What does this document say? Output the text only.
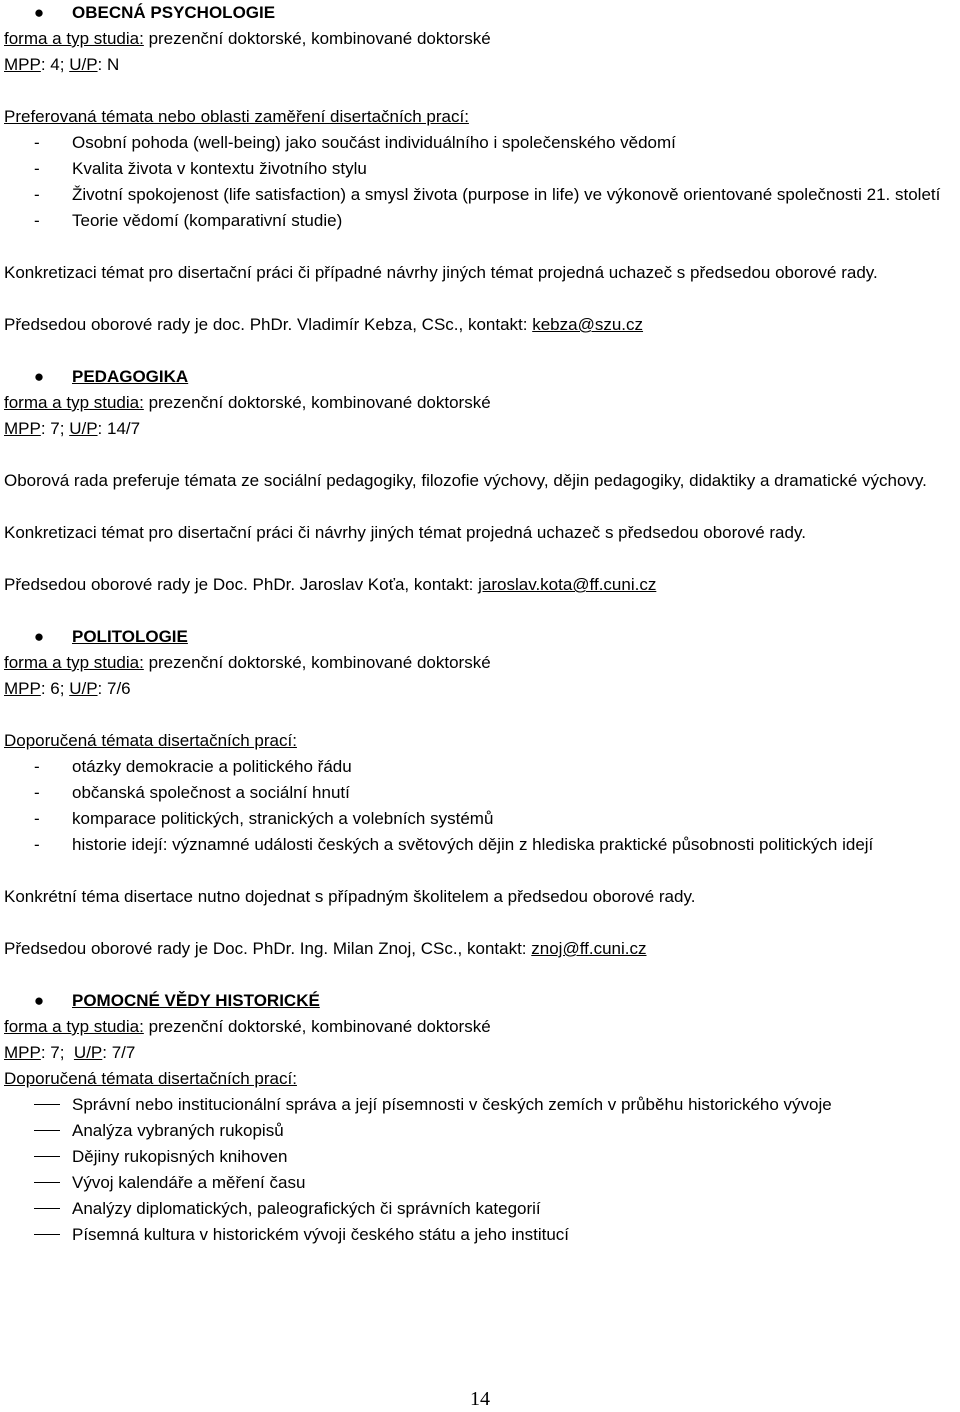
●	OBECNÁ PSYCHOLOGIE
forma a typ studia: prezenční doktorské, kombinované doktorské
MPP: 4; U/P: N
Preferovaná témata nebo oblasti zaměření disertačních prací:
- Osobní pohoda (well-being) jako součást individuálního i společenského vědomí
- Kvalita života v kontextu životního stylu
- Životní spokojenost (life satisfaction) a smysl života (purpose in life) ve výkonově orientované společnosti 21. století
- Teorie vědomí (komparativní studie)
Konkretizaci témat pro disertační práci či případné návrhy jiných témat projedná uchazeč s předsedou oborové rady.
Předsedou oborové rady je doc. PhDr. Vladimír Kebza, CSc., kontakt: kebza@szu.cz
●	PEDAGOGIKA
forma a typ studia: prezenční doktorské, kombinované doktorské
MPP: 7; U/P: 14/7
Oborová rada preferuje témata ze sociální pedagogiky, filozofie výchovy, dějin pedagogiky, didaktiky a dramatické výchovy.
Konkretizaci témat pro disertační práci či návrhy jiných témat projedná uchazeč s předsedou oborové rady.
Předsedou oborové rady je Doc. PhDr. Jaroslav Koťa, kontakt: jaroslav.kota@ff.cuni.cz
●	POLITOLOGIE
forma a typ studia: prezenční doktorské, kombinované doktorské
MPP: 6; U/P: 7/6
Doporučená témata disertačních prací:
- otázky demokracie a politického řádu
- občanská společnost a sociální hnutí
- komparace politických, stranických a volebních systémů
- historie idejí: významné události českých a světových dějin z hlediska praktické působnosti politických idejí
Konkrétní téma disertace nutno dojednat s případným školitelem a předsedou oborové rady.
Předsedou oborové rady je Doc. PhDr. Ing. Milan Znoj, CSc., kontakt: znoj@ff.cuni.cz
●	POMOCNÉ VĚDY HISTORICKÉ
forma a typ studia: prezenční doktorské, kombinované doktorské
MPP: 7;  U/P: 7/7
Doporučená témata disertačních prací:
Správní nebo institucionální správa a její písemnosti v českých zemích v průběhu historického vývoje
Analýza vybraných rukopisů
Dějiny rukopisných knihoven
Vývoj kalendáře a měření času
Analýzy diplomatických, paleografických či správních kategorií
Písemná kultura v historickém vývoji českého státu a jeho institucí
14
